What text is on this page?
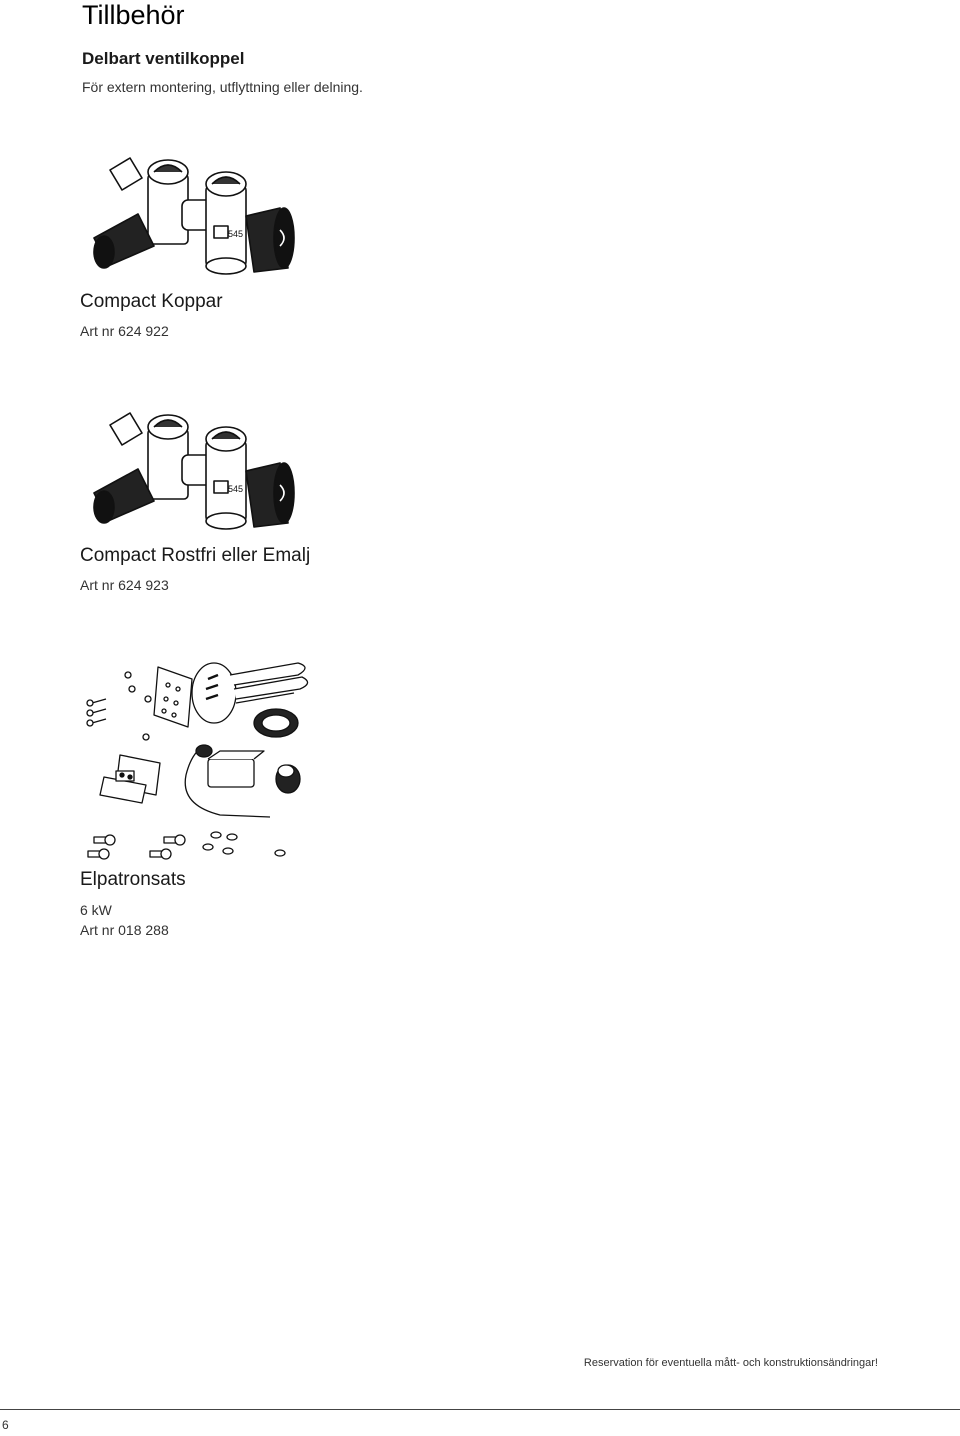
Tillbehör
Delbart ventilkoppel
För extern montering, utflyttning eller delning.
545
Compact Koppar
Art nr 624 922
545
Compact Rostfri eller Emalj
Art nr 624 923
Elpatronsats
6 kW
Art nr 018 288
Reservation för eventuella mått- och konstruktionsändringar!
6
